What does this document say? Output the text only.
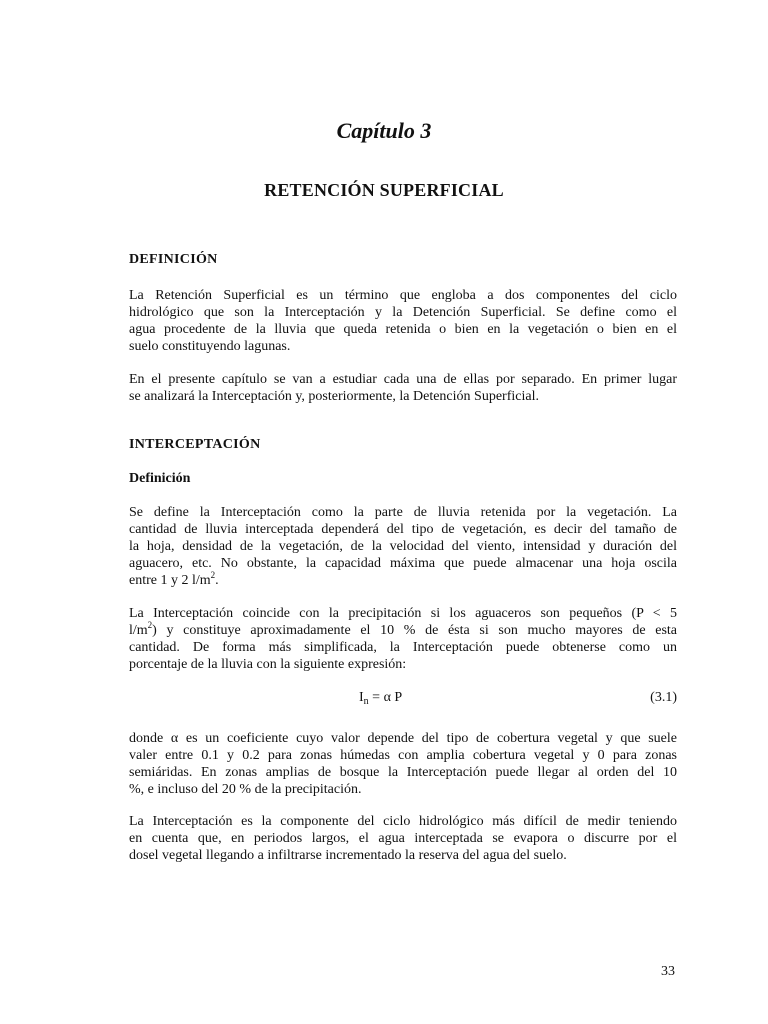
Capítulo 3
RETENCIÓN SUPERFICIAL
DEFINICIÓN
La Retención Superficial es un término que engloba a dos componentes del ciclo
hidrológico que son la Interceptación y la Detención Superficial. Se define como el
agua procedente de la lluvia que queda retenida o bien en la vegetación o bien en el
suelo constituyendo lagunas.
En el presente capítulo se van a estudiar cada una de ellas por separado. En primer lugar
se analizará la Interceptación y, posteriormente, la Detención Superficial.
INTERCEPTACIÓN
Definición
Se define la Interceptación como la parte de lluvia retenida por la vegetación. La
cantidad de lluvia interceptada dependerá del tipo de vegetación, es decir del tamaño de
la hoja, densidad de la vegetación, de la velocidad del viento, intensidad y duración del
aguacero, etc. No obstante, la capacidad máxima que puede almacenar una hoja oscila
entre 1 y 2 $l/m^2$.
La Interceptación coincide con la precipitación si los aguaceros son pequeños (P < 5
$l/m^2$) y constituye aproximadamente el 10 % de ésta si son mucho mayores de esta
cantidad. De forma más simplificada, la Interceptación puede obtenerse como un
porcentaje de la lluvia con la siguiente expresión:
$I_n = \alpha$ P	(3.1)
donde α es un coeficiente cuyo valor depende del tipo de cobertura vegetal y que suele
valer entre 0.1 y 0.2 para zonas húmedas con amplia cobertura vegetal y 0 para zonas
semiáridas. En zonas amplias de bosque la Interceptación puede llegar al orden del 10
%, e incluso del 20 % de la precipitación.
La Interceptación es la componente del ciclo hidrológico más difícil de medir teniendo
en cuenta que, en periodos largos, el agua interceptada se evapora o discurre por el
dosel vegetal llegando a infiltrarse incrementado la reserva del agua del suelo.
33
